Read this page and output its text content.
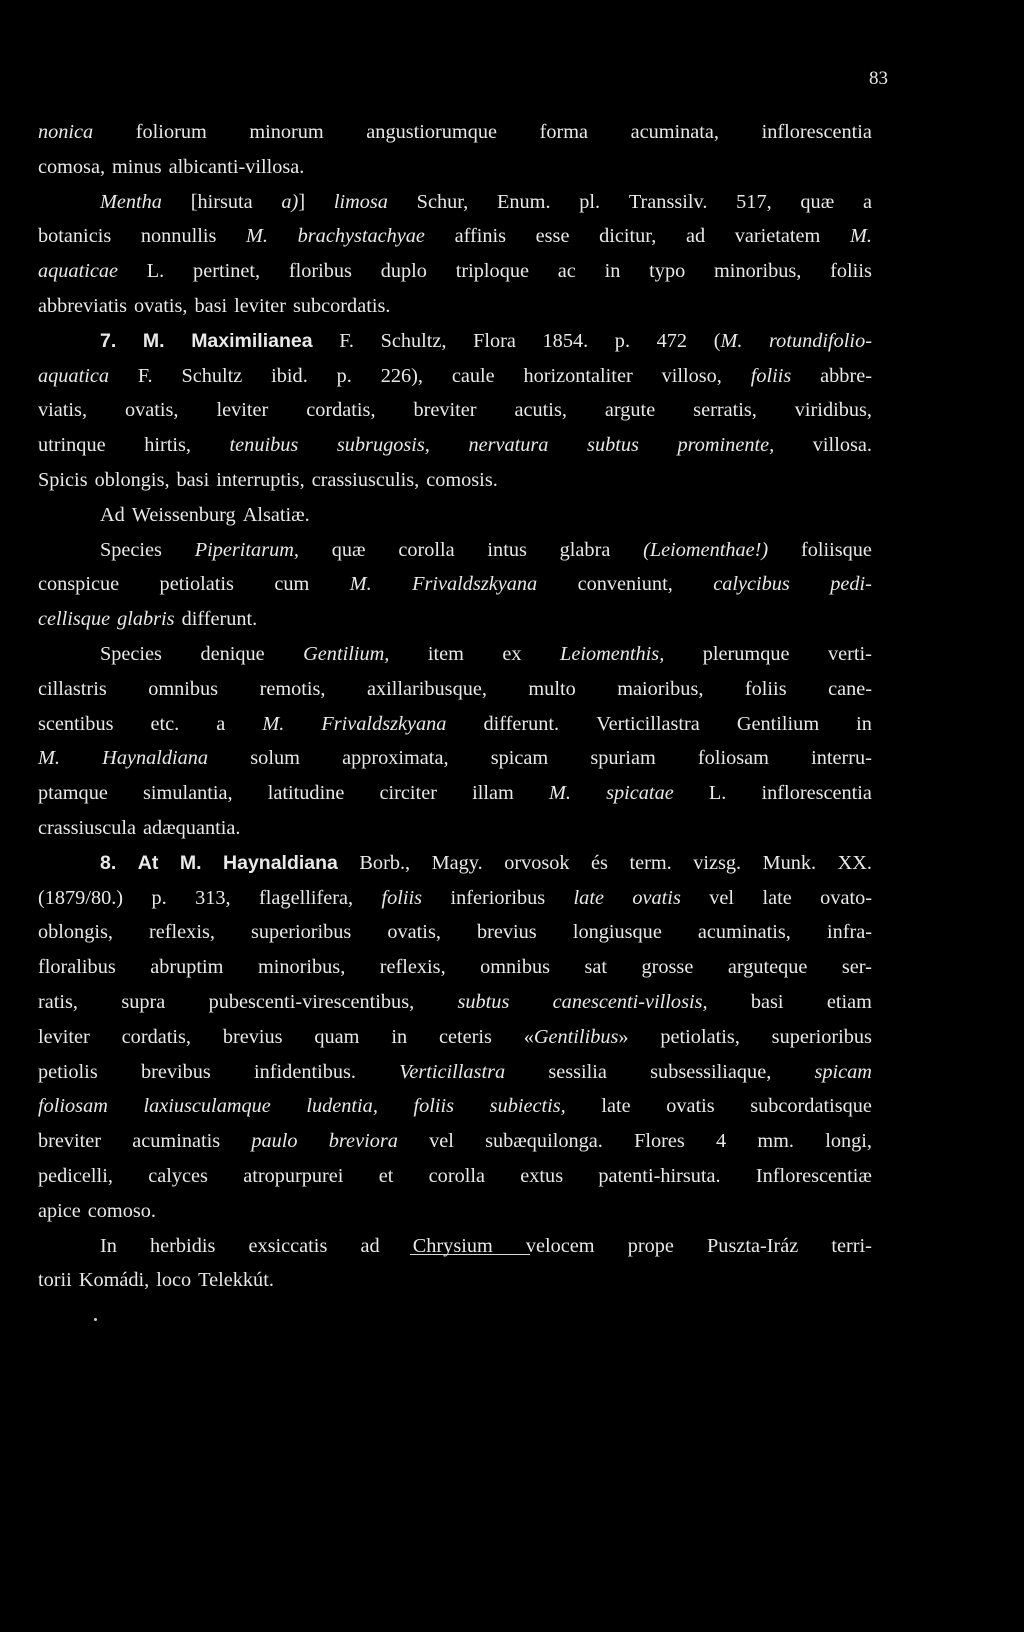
83
nonica foliorum minorum angustiorumque forma acuminata, inflorescentia
comosa, minus albicanti-villosa.
Mentha [hirsuta a)] limosa Schur, Enum. pl. Transsilv. 517, quæ a
botanicis nonnullis M. brachystachyae affinis esse dicitur, ad varietatem M.
aquaticae L. pertinet, floribus duplo triploque ac in typo minoribus, foliis
abbreviatis ovatis, basi leviter subcordatis.
7. M. Maximilianea F. Schultz, Flora 1854. p. 472 (M. rotundifolio-
aquatica F. Schultz ibid. p. 226), caule horizontaliter villoso, foliis abbre-
viatis, ovatis, leviter cordatis, breviter acutis, argute serratis, viridibus,
utrinque hirtis, tenuibus subrugosis, nervatura subtus prominente, villosa.
Spicis oblongis, basi interruptis, crassiusculis, comosis.
Ad Weissenburg Alsatiæ.
Species Piperitarum, quæ corolla intus glabra (Leiomenthae!) foliisque
conspicue petiolatis cum M. Frivaldszkyana conveniunt, calycibus pedi-
cellisque glabris differunt.
Species denique Gentilium, item ex Leiomenthis, plerumque verti-
cillastris omnibus remotis, axillaribusque, multo maioribus, foliis cane-
scentibus etc. a M. Frivaldszkyana differunt. Verticillastra Gentilium in
M. Haynaldiana solum approximata, spicam spuriam foliosam interru-
ptamque simulantia, latitudine circiter illam M. spicatae L. inflorescentia
crassiuscula adæquantia.
8. At M. Haynaldiana Borb., Magy. orvosok és term. vizsg. Munk. XX.
(1879/80.) p. 313, flagellifera, foliis inferioribus late ovatis vel late ovato-
oblongis, reflexis, superioribus ovatis, brevius longiusque acuminatis, infra-
floralibus abruptim minoribus, reflexis, omnibus sat grosse arguteque ser-
ratis, supra pubescenti-virescentibus, subtus canescenti-villosis, basi etiam
leviter cordatis, brevius quam in ceteris «Gentilibus» petiolatis, superioribus
petiolis brevibus infidentibus. Verticillastra sessilia subsessiliaque, spicam
foliosam laxiusculamque ludentia, foliis subiectis, late ovatis subcordatisque
breviter acuminatis paulo breviora vel subæquilonga. Flores 4 mm. longi,
pedicelli, calyces atropurpurei et corolla extus patenti-hirsuta. Inflorescentiæ
apice comoso.
In herbidis exsiccatis ad Chrysium velocem prope Puszta-Iráz terri-
torii Komádi, loco Telekkút.
